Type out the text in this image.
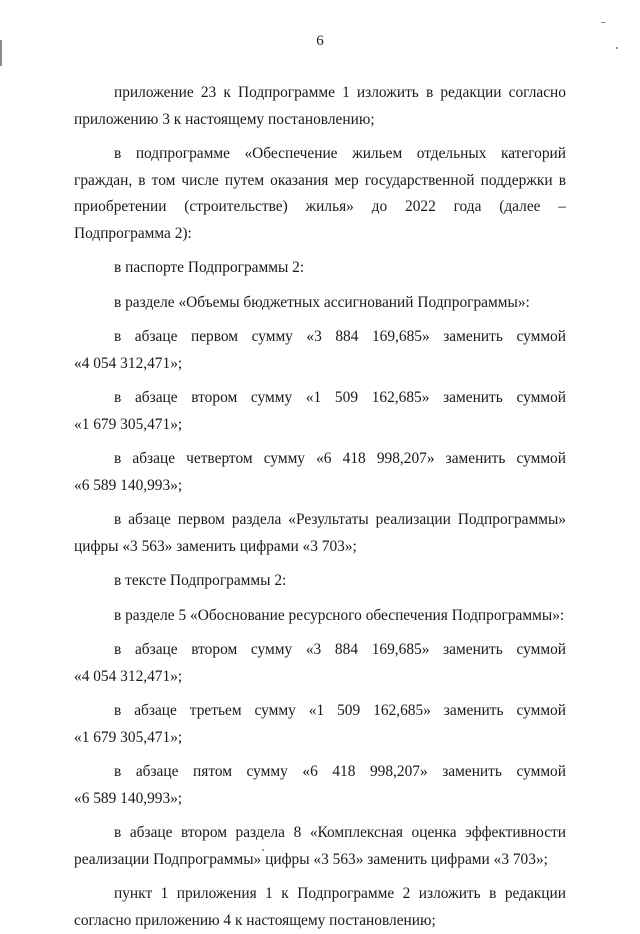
6
приложение 23 к Подпрограмме 1 изложить в редакции согласно
приложению 3 к настоящему постановлению;
в подпрограмме «Обеспечение жильем отдельных категорий
граждан, в том числе путем оказания мер государственной поддержки в
приобретении (строительстве) жилья» до 2022 года (далее –
Подпрограмма 2):
в паспорте Подпрограммы 2:
в разделе «Объемы бюджетных ассигнований Подпрограммы»:
в абзаце первом сумму «3 884 169,685» заменить суммой
«4 054 312,471»;
в абзаце втором сумму «1 509 162,685» заменить суммой
«1 679 305,471»;
в абзаце четвертом сумму «6 418 998,207» заменить суммой
«6 589 140,993»;
в абзаце первом раздела «Результаты реализации Подпрограммы»
цифры «3 563» заменить цифрами «3 703»;
в тексте Подпрограммы 2:
в разделе 5 «Обоснование ресурсного обеспечения Подпрограммы»:
в абзаце втором сумму «3 884 169,685» заменить суммой
«4 054 312,471»;
в абзаце третьем сумму «1 509 162,685» заменить суммой
«1 679 305,471»;
в абзаце пятом сумму «6 418 998,207» заменить суммой
«6 589 140,993»;
в абзаце втором раздела 8 «Комплексная оценка эффективности
реализации Подпрограммы» цифры «3 563» заменить цифрами «3 703»;
пункт 1 приложения 1 к Подпрограмме 2 изложить в редакции
согласно приложению 4 к настоящему постановлению;
